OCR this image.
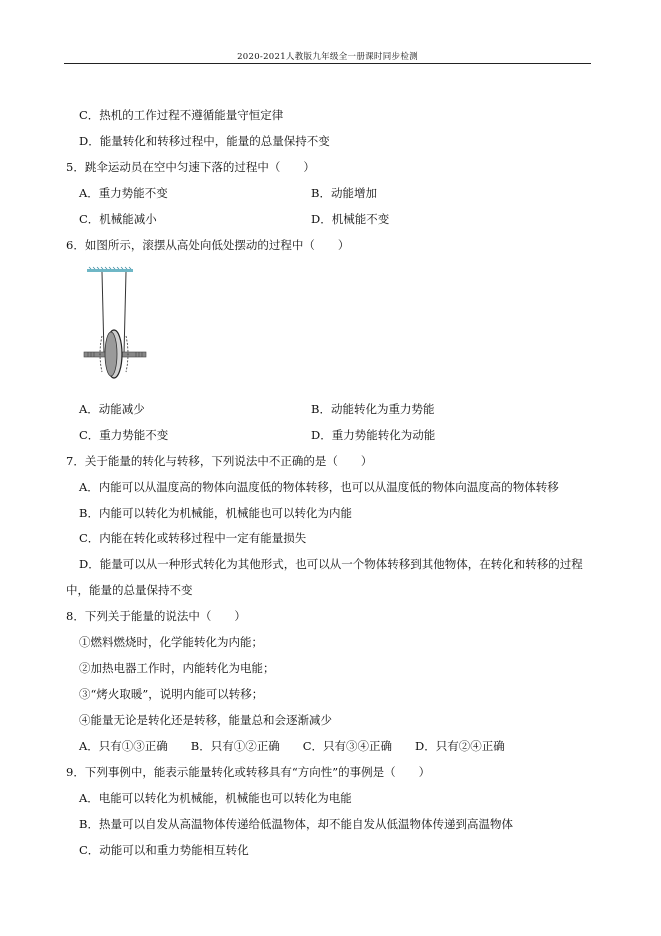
2020-2021人教版九年级全一册课时同步检测
C．热机的工作过程不遵循能量守恒定律
D．能量转化和转移过程中，能量的总量保持不变
5．跳伞运动员在空中匀速下落的过程中（　　）
A．重力势能不变	B．动能增加
C．机械能减小	D．机械能不变
6．如图所示，滚摆从高处向低处摆动的过程中（　　）
A．动能减少	B．动能转化为重力势能
C．重力势能不变	D．重力势能转化为动能
7．关于能量的转化与转移，下列说法中不正确的是（　　）
A．内能可以从温度高的物体向温度低的物体转移，也可以从温度低的物体向温度高的物体转移
B．内能可以转化为机械能，机械能也可以转化为内能
C．内能在转化或转移过程中一定有能量损失
D．能量可以从一种形式转化为其他形式，也可以从一个物体转移到其他物体，在转化和转移的过程
中，能量的总量保持不变
8．下列关于能量的说法中（　　）
①燃料燃烧时，化学能转化为内能；
②加热电器工作时，内能转化为电能；
③“烤火取暖”，说明内能可以转移；
④能量无论是转化还是转移，能量总和会逐渐减少
A．只有①③正确　　B．只有①②正确　　C．只有③④正确　　D．只有②④正确
9．下列事例中，能表示能量转化或转移具有“方向性”的事例是（　　）
A．电能可以转化为机械能，机械能也可以转化为电能
B．热量可以自发从高温物体传递给低温物体，却不能自发从低温物体传递到高温物体
C．动能可以和重力势能相互转化
